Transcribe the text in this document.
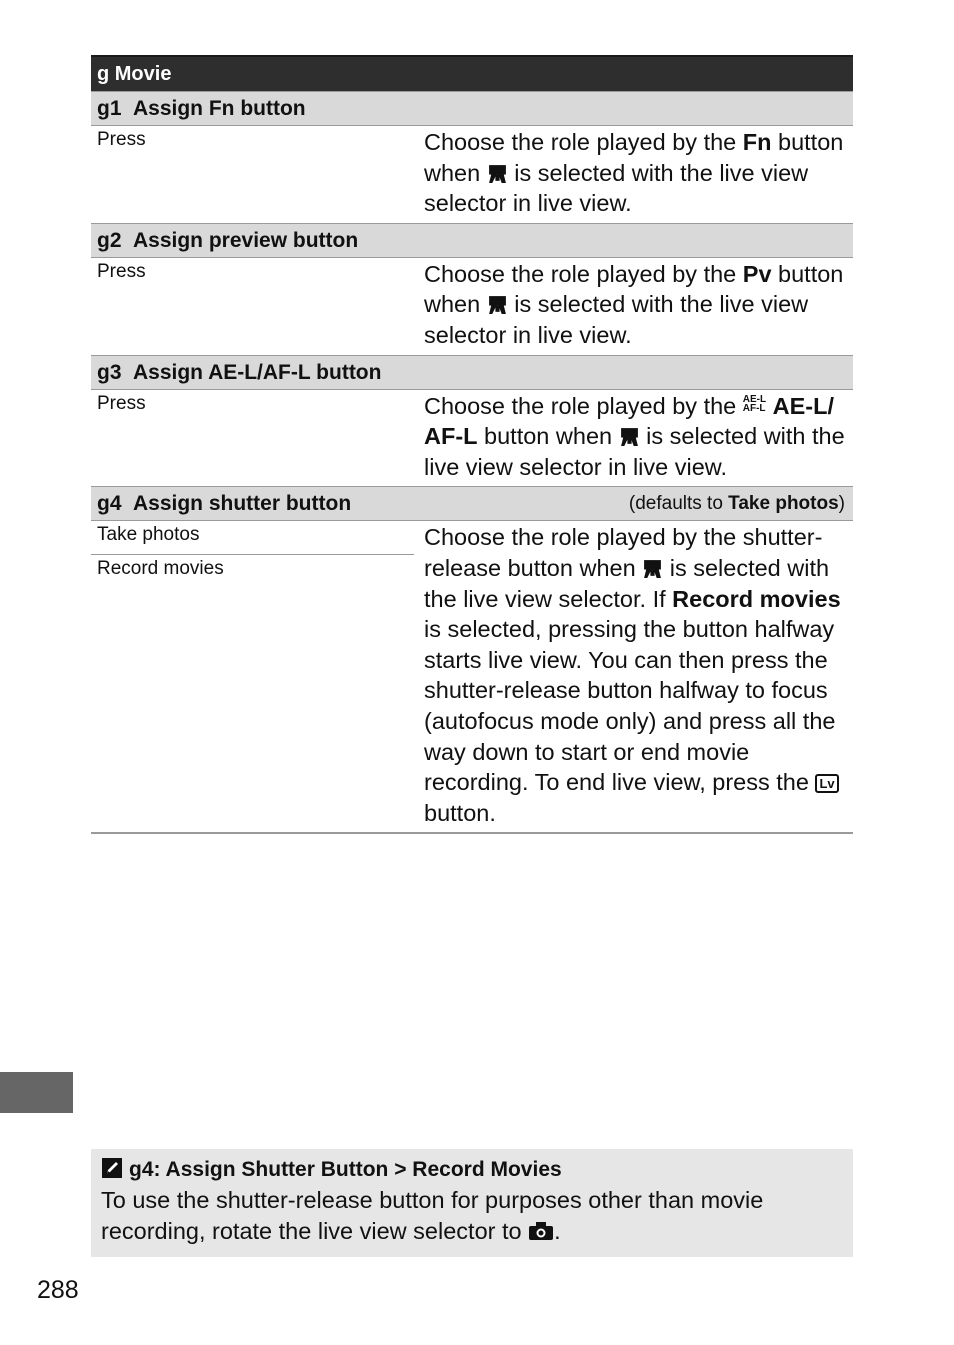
g Movie
g1 Assign Fn button
Press	Choose the role played by the Fn button when  is selected with the live view selector in live view.
g2 Assign preview button
Press	Choose the role played by the Pv button when  is selected with the live view selector in live view.
g3 Assign AE-L/AF-L button
Press	Choose the role played by the AE-L
AF-L AE-L/ AF-L button when  is selected with the live view selector in live view.
g4 Assign shutter button	(defaults to Take photos)
Take photos
Record movies
Choose the role played by the shutter-release button when  is selected with the live view selector. If Record movies is selected, pressing the button halfway starts live view. You can then press the shutter-release button halfway to focus (autofocus mode only) and press all the way down to start or end movie recording. To end live view, press the Lv button.
g4: Assign Shutter Button > Record Movies
To use the shutter-release button for purposes other than movie recording, rotate the live view selector to .
288
